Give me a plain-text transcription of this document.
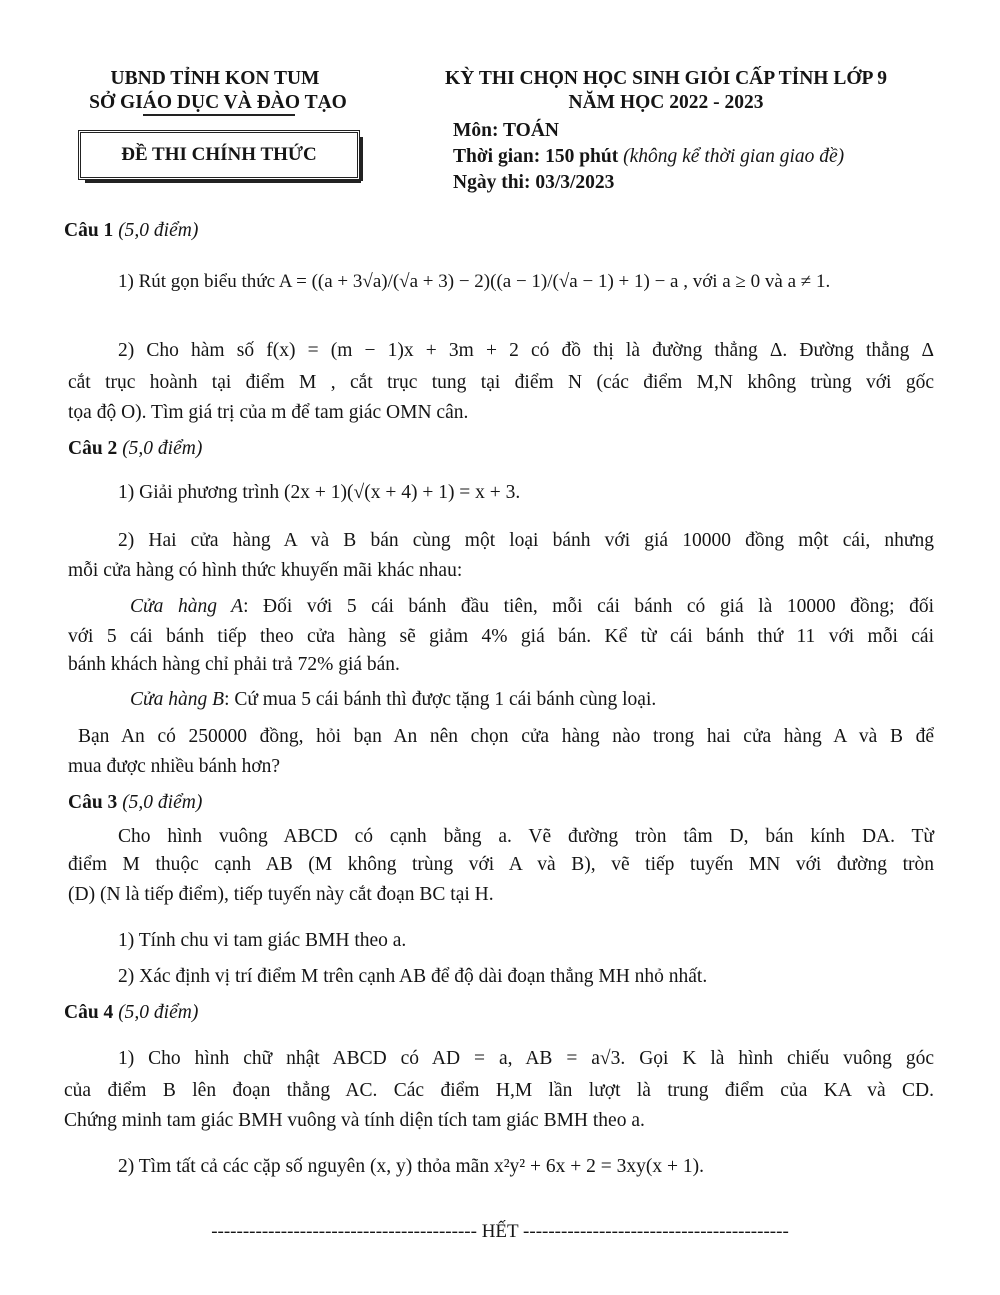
UBND TỈNH KON TUM
SỞ GIÁO DỤC VÀ ĐÀO TẠO
ĐỀ THI CHÍNH THỨC
KỲ THI CHỌN HỌC SINH GIỎI CẤP TỈNH LỚP 9
NĂM HỌC 2022 - 2023
Môn: TOÁN
Thời gian: 150 phút (không kể thời gian giao đề)
Ngày thi: 03/3/2023
Câu 1 (5,0 điểm)
1) Rút gọn biểu thức A = ((a + 3√a)/(√a + 3) − 2)((a − 1)/(√a − 1) + 1) − a , với a ≥ 0 và a ≠ 1.
2) Cho hàm số f(x) = (m − 1)x + 3m + 2 có đồ thị là đường thẳng Δ. Đường thẳng Δ
cắt trục hoành tại điểm M , cắt trục tung tại điểm N (các điểm M,N không trùng với gốc
tọa độ O). Tìm giá trị của m để tam giác OMN cân.
Câu 2 (5,0 điểm)
1) Giải phương trình (2x + 1)(√(x + 4) + 1) = x + 3.
2) Hai cửa hàng A và B bán cùng một loại bánh với giá 10000 đồng một cái, nhưng
mỗi cửa hàng có hình thức khuyến mãi khác nhau:
Cửa hàng A: Đối với 5 cái bánh đầu tiên, mỗi cái bánh có giá là 10000 đồng; đối
với 5 cái bánh tiếp theo cửa hàng sẽ giảm 4% giá bán. Kể từ cái bánh thứ 11 với mỗi cái
bánh khách hàng chỉ phải trả 72% giá bán.
Cửa hàng B: Cứ mua 5 cái bánh thì được tặng 1 cái bánh cùng loại.
Bạn An có 250000 đồng, hỏi bạn An nên chọn cửa hàng nào trong hai cửa hàng A và B để
mua được nhiều bánh hơn?
Câu 3 (5,0 điểm)
Cho hình vuông ABCD có cạnh bằng a. Vẽ đường tròn tâm D, bán kính DA. Từ
điểm M thuộc cạnh AB (M không trùng với A và B), vẽ tiếp tuyến MN với đường tròn
(D) (N là tiếp điểm), tiếp tuyến này cắt đoạn BC tại H.
1) Tính chu vi tam giác BMH theo a.
2) Xác định vị trí điểm M trên cạnh AB để độ dài đoạn thẳng MH nhỏ nhất.
Câu 4 (5,0 điểm)
1) Cho hình chữ nhật ABCD có AD = a, AB = a√3. Gọi K là hình chiếu vuông góc
của điểm B lên đoạn thẳng AC. Các điểm H,M lần lượt là trung điểm của KA và CD.
Chứng minh tam giác BMH vuông và tính diện tích tam giác BMH theo a.
2) Tìm tất cả các cặp số nguyên (x, y) thỏa mãn x²y² + 6x + 2 = 3xy(x + 1).
------------------------------------------ HẾT ------------------------------------------
